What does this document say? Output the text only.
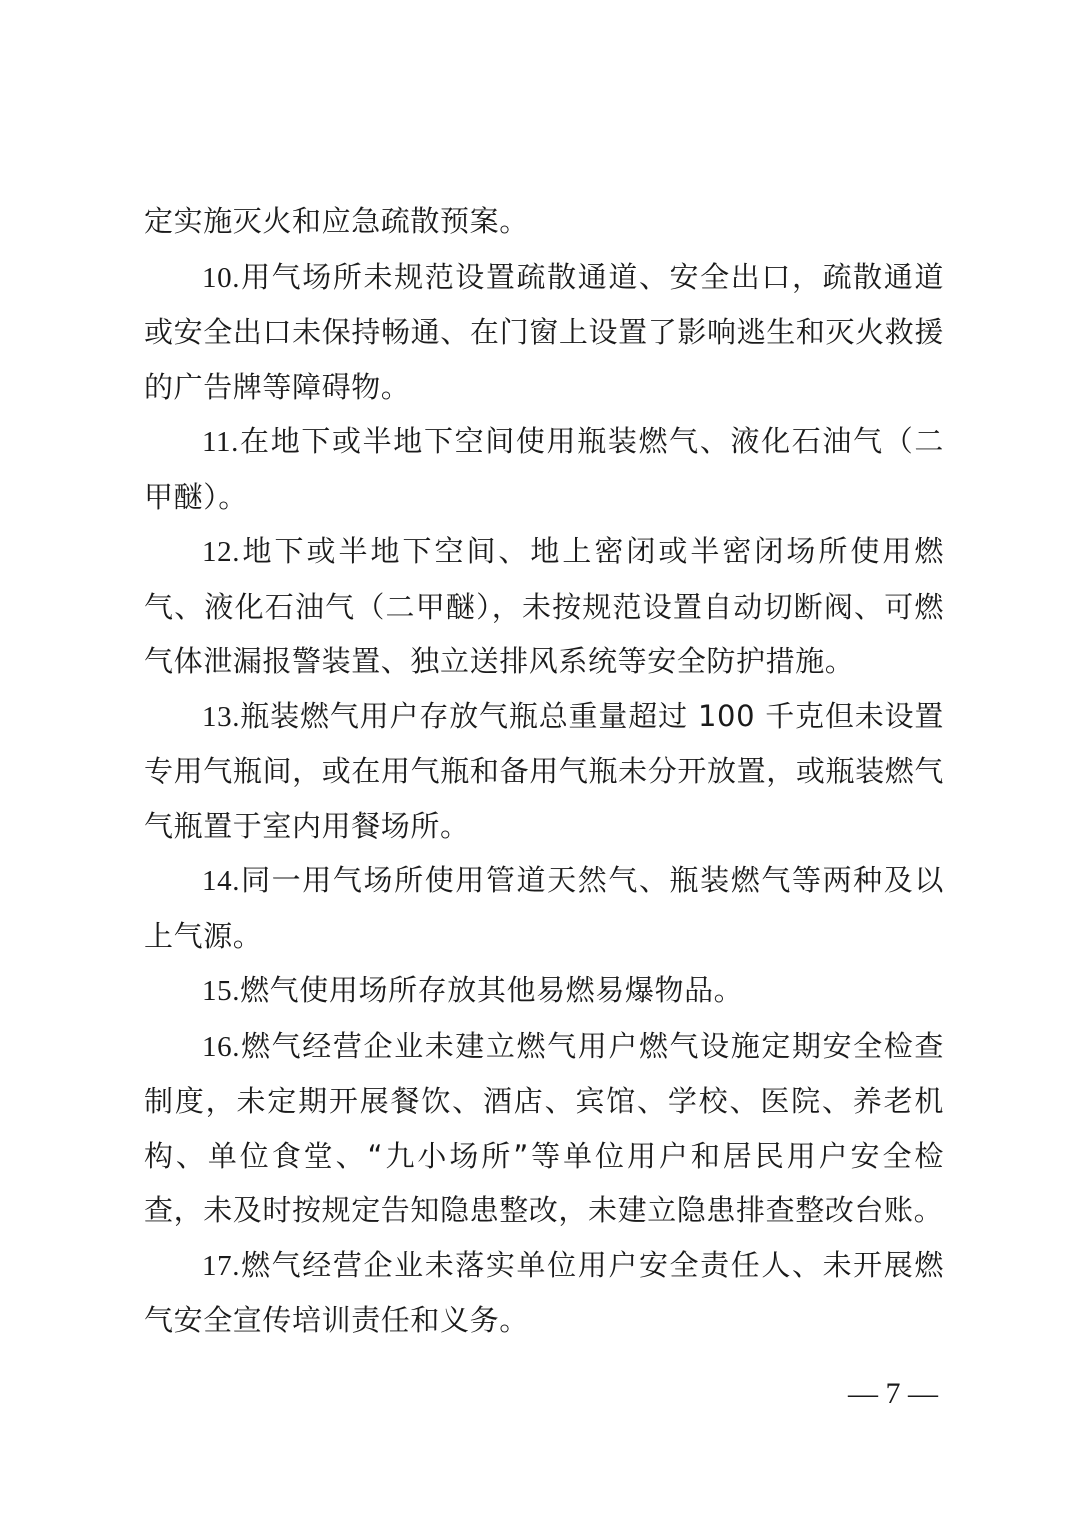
定实施灭火和应急疏散预案。

10.用气场所未规范设置疏散通道、安全出口，疏散通道或安全出口未保持畅通、在门窗上设置了影响逃生和灭火救援的广告牌等障碍物。

11.在地下或半地下空间使用瓶装燃气、液化石油气（二甲醚）。

12.地下或半地下空间、地上密闭或半密闭场所使用燃气、液化石油气（二甲醚），未按规范设置自动切断阀、可燃气体泄漏报警装置、独立送排风系统等安全防护措施。

13.瓶装燃气用户存放气瓶总重量超过 100 千克但未设置专用气瓶间，或在用气瓶和备用气瓶未分开放置，或瓶装燃气气瓶置于室内用餐场所。

14.同一用气场所使用管道天然气、瓶装燃气等两种及以上气源。

15.燃气使用场所存放其他易燃易爆物品。

16.燃气经营企业未建立燃气用户燃气设施定期安全检查制度，未定期开展餐饮、酒店、宾馆、学校、医院、养老机构、单位食堂、“九小场所”等单位用户和居民用户安全检查，未及时按规定告知隐患整改，未建立隐患排查整改台账。

17.燃气经营企业未落实单位用户安全责任人、未开展燃气安全宣传培训责任和义务。

— 7 —
